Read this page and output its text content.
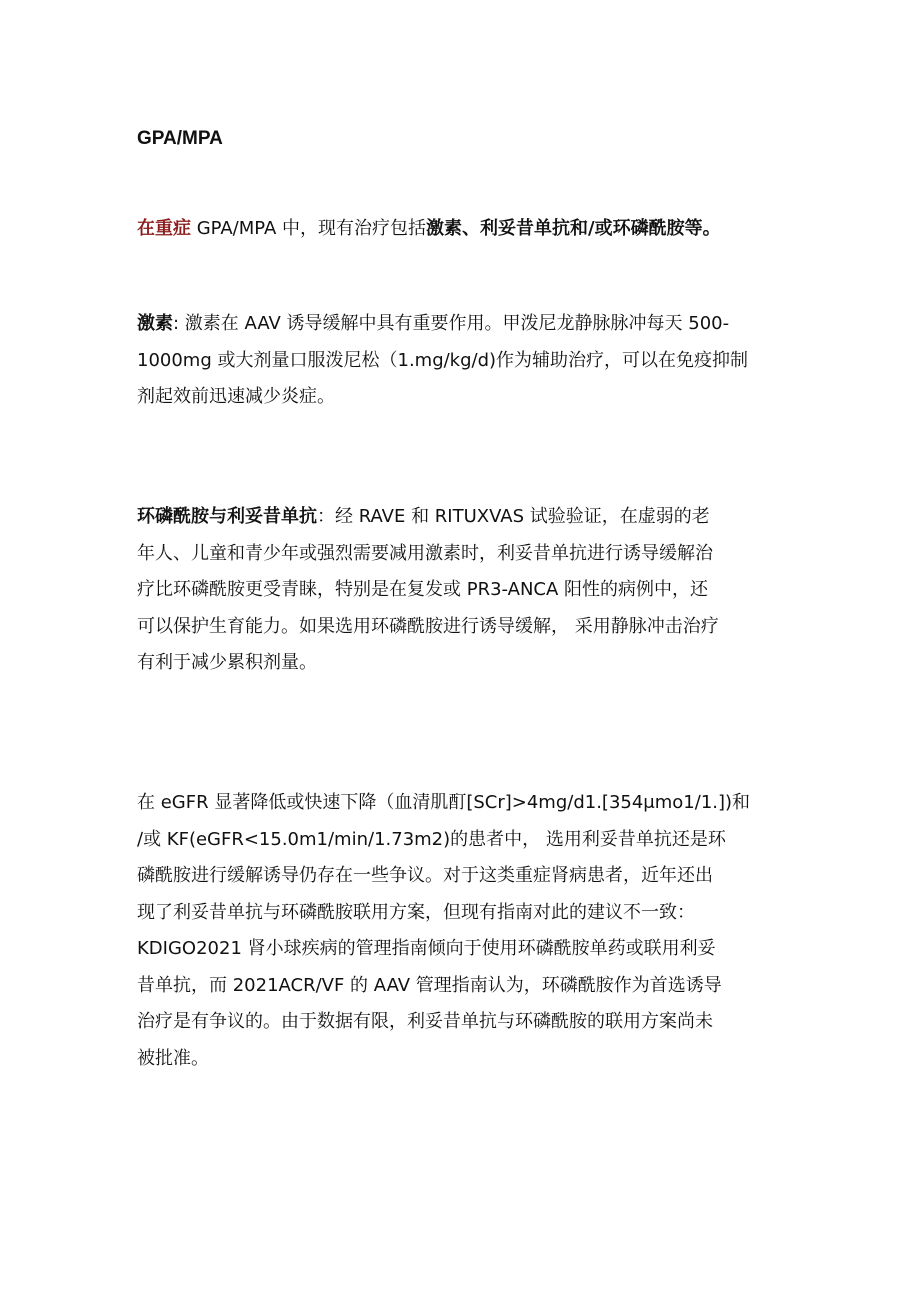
GPA/MPA

在重症 GPA/MPA 中，现有治疗包括激素、利妥昔单抗和/或环磷酰胺等。

激素: 激素在 AAV 诱导缓解中具有重要作用。甲泼尼龙静脉脉冲每天 500-
1000mg 或大剂量口服泼尼松（1.mg/kg/d)作为辅助治疗，可以在免疫抑制
剂起效前迅速减少炎症。

环磷酰胺与利妥昔单抗：经 RAVE 和 RITUXVAS 试验验证，在虚弱的老
年人、儿童和青少年或强烈需要减用激素时，利妥昔单抗进行诱导缓解治
疗比环磷酰胺更受青睐，特别是在复发或 PR3-ANCA 阳性的病例中，还
可以保护生育能力。如果选用环磷酰胺进行诱导缓解， 采用静脉冲击治疗
有利于减少累积剂量。

在 eGFR 显著降低或快速下降（血清肌酊[SCr]>4mg∕d1.[354μmo1∕1.])和
∕或 KF(eGFR<15.0m1∕min∕1.73m2)的患者中， 选用利妥昔单抗还是环
磷酰胺进行缓解诱导仍存在一些争议。对于这类重症肾病患者，近年还出
现了利妥昔单抗与环磷酰胺联用方案，但现有指南对此的建议不一致：
KDIGO2021 肾小球疾病的管理指南倾向于使用环磷酰胺单药或联用利妥
昔单抗，而 2021ACR/VF 的 AAV 管理指南认为，环磷酰胺作为首选诱导
治疗是有争议的。由于数据有限，利妥昔单抗与环磷酰胺的联用方案尚未
被批准。
